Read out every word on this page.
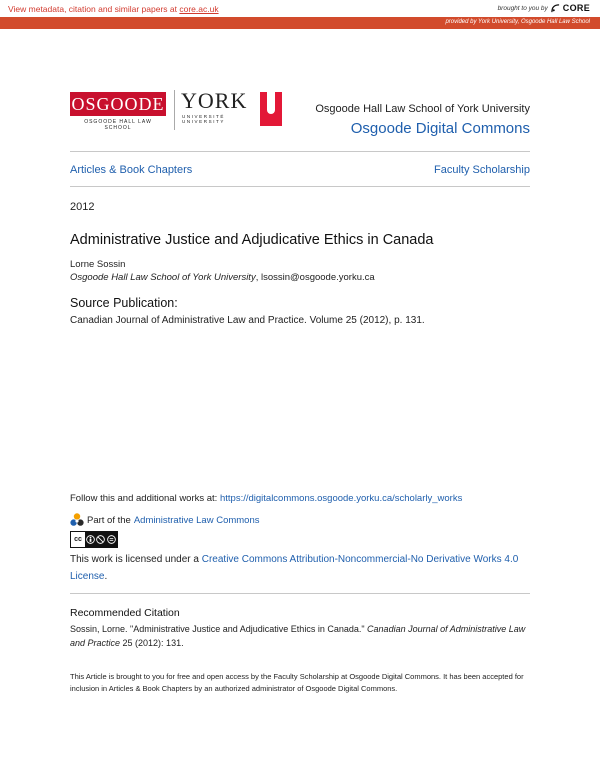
View metadata, citation and similar papers at core.ac.uk	brought to you by CORE
provided by York University, Osgoode Hall Law School
OSGOODE
OSGOODE HALL LAW SCHOOL
YORK
UNIVERSITÉ
UNIVERSITY
Osgoode Hall Law School of York University
Osgoode Digital Commons
Articles & Book Chapters	Faculty Scholarship
2012
Administrative Justice and Adjudicative Ethics in Canada
Lorne Sossin
Osgoode Hall Law School of York University, lsossin@osgoode.yorku.ca
Source Publication:
Canadian Journal of Administrative Law and Practice. Volume 25 (2012), p. 131.
Follow this and additional works at: https://digitalcommons.osgoode.yorku.ca/scholarly_works
Part of the Administrative Law Commons
cc
This work is licensed under a Creative Commons Attribution-Noncommercial-No Derivative Works 4.0 License.
Recommended Citation
Sossin, Lorne. "Administrative Justice and Adjudicative Ethics in Canada." Canadian Journal of Administrative Law and Practice 25 (2012): 131.
This Article is brought to you for free and open access by the Faculty Scholarship at Osgoode Digital Commons. It has been accepted for inclusion in Articles & Book Chapters by an authorized administrator of Osgoode Digital Commons.
